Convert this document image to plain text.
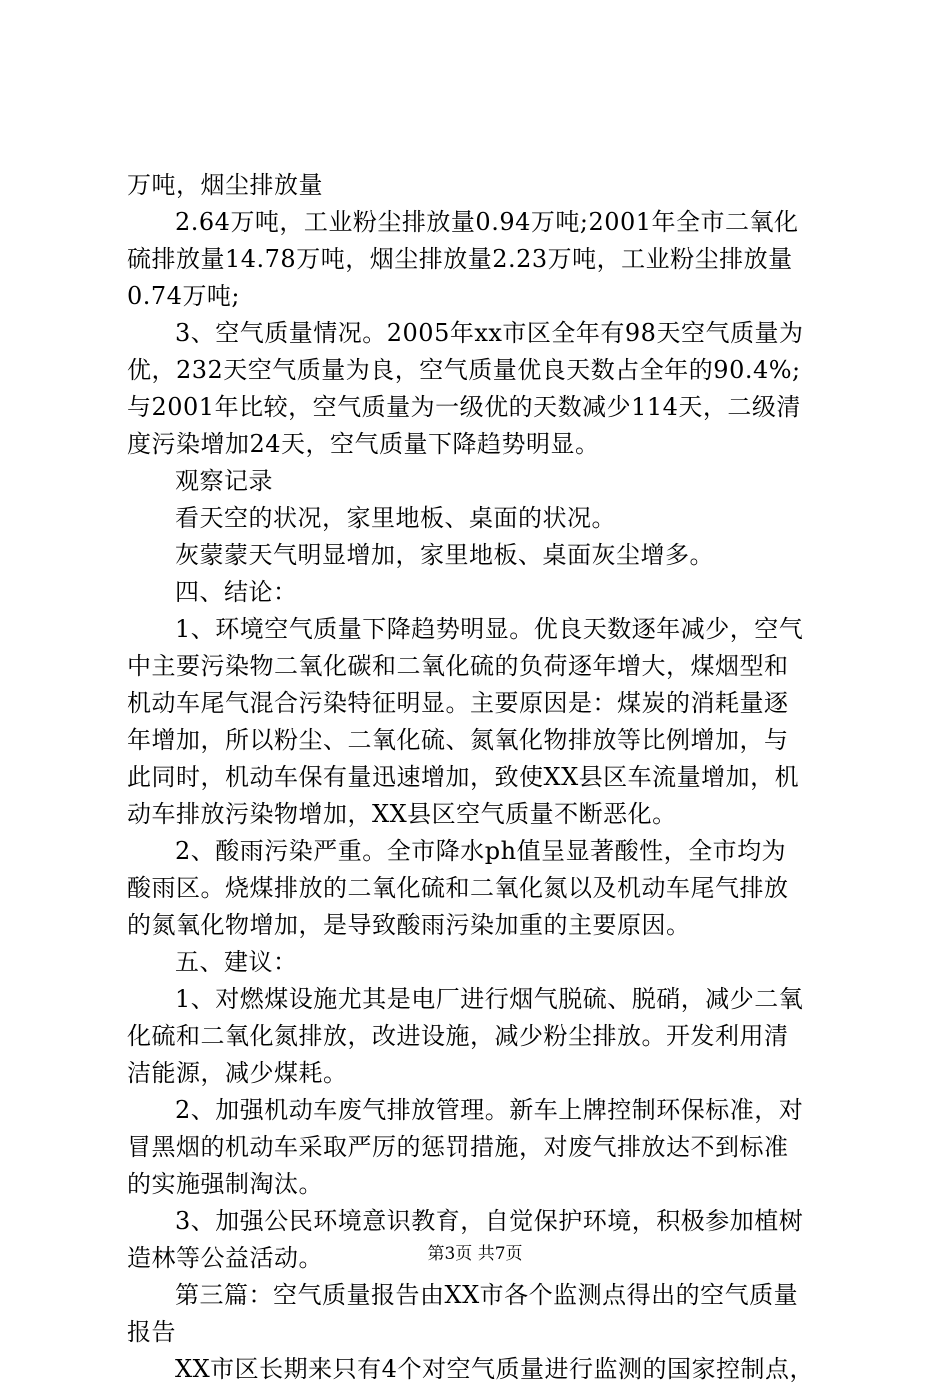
万吨，烟尘排放量
2.64万吨，工业粉尘排放量0.94万吨;2001年全市二氧化
硫排放量14.78万吨，烟尘排放量2.23万吨，工业粉尘排放量
0.74万吨;
3、空气质量情况。2005年xx市区全年有98天空气质量为
优，232天空气质量为良，空气质量优良天数占全年的90.4%;
与2001年比较，空气质量为一级优的天数减少114天，二级清
度污染增加24天，空气质量下降趋势明显。
观察记录
看天空的状况，家里地板、桌面的状况。
灰蒙蒙天气明显增加，家里地板、桌面灰尘增多。
四、结论：
1、环境空气质量下降趋势明显。优良天数逐年减少，空气
中主要污染物二氧化碳和二氧化硫的负荷逐年增大，煤烟型和
机动车尾气混合污染特征明显。主要原因是：煤炭的消耗量逐
年增加，所以粉尘、二氧化硫、氮氧化物排放等比例增加，与
此同时，机动车保有量迅速增加，致使XX县区车流量增加，机
动车排放污染物增加，XX县区空气质量不断恶化。
2、酸雨污染严重。全市降水ph值呈显著酸性，全市均为
酸雨区。烧煤排放的二氧化硫和二氧化氮以及机动车尾气排放
的氮氧化物增加，是导致酸雨污染加重的主要原因。
五、建议：
1、对燃煤设施尤其是电厂进行烟气脱硫、脱硝，减少二氧
化硫和二氧化氮排放，改进设施，减少粉尘排放。开发利用清
洁能源，减少煤耗。
2、加强机动车废气排放管理。新车上牌控制环保标准，对
冒黑烟的机动车采取严厉的惩罚措施，对废气排放达不到标准
的实施强制淘汰。
3、加强公民环境意识教育，自觉保护环境，积极参加植树
造林等公益活动。
第三篇：空气质量报告由XX市各个监测点得出的空气质量
报告
XX市区长期来只有4个对空气质量进行监测的国家控制点，
第3页 共7页
